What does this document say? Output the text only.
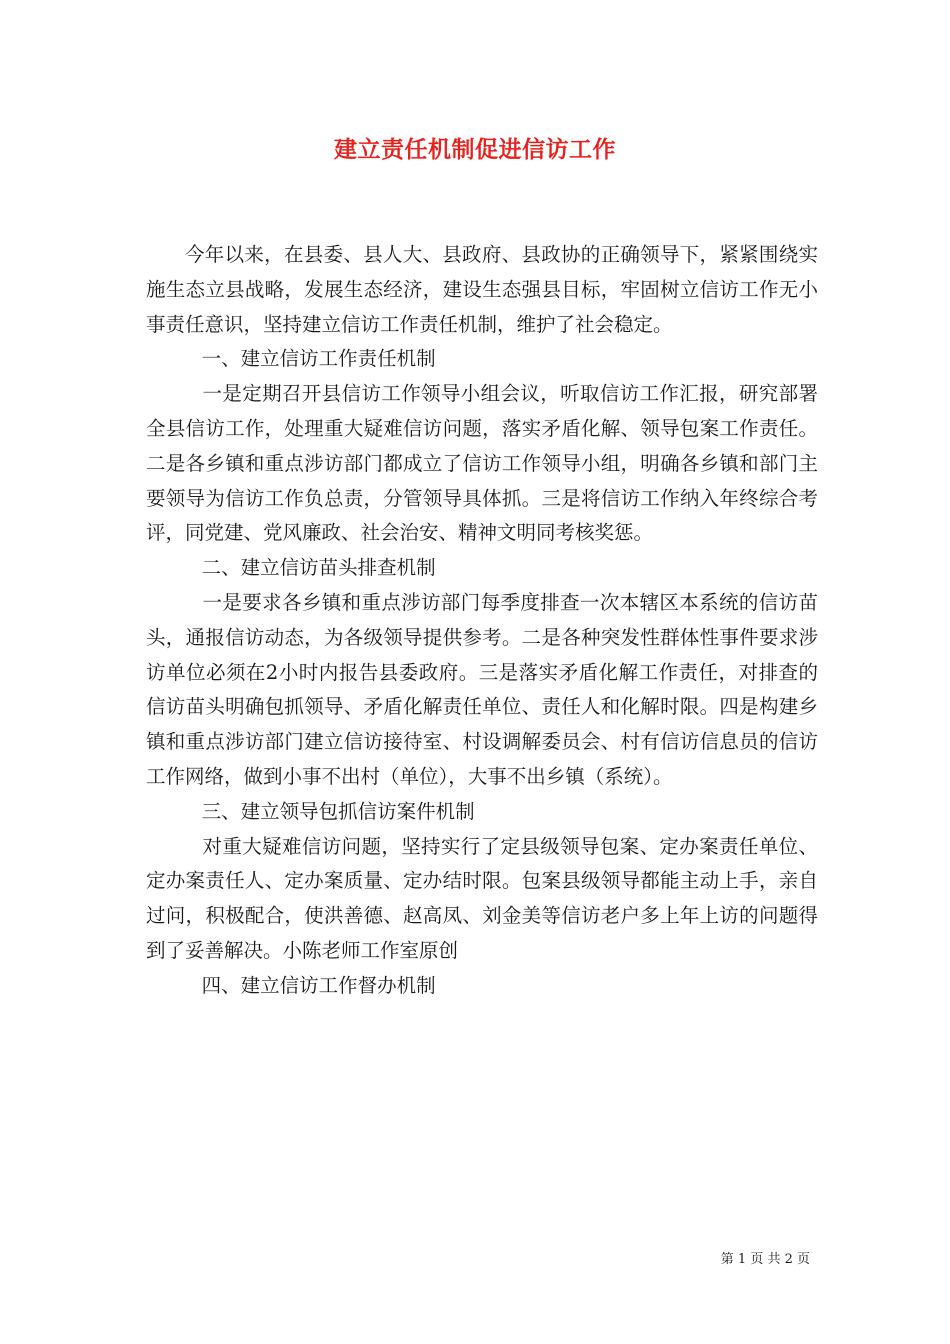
建立责任机制促进信访工作

今年以来，在县委、县人大、县政府、县政协的正确领导下，紧紧围绕实施生态立县战略，发展生态经济，建设生态强县目标，牢固树立信访工作无小事责任意识，坚持建立信访工作责任机制，维护了社会稳定。

一、建立信访工作责任机制

一是定期召开县信访工作领导小组会议，听取信访工作汇报，研究部署全县信访工作，处理重大疑难信访问题，落实矛盾化解、领导包案工作责任。二是各乡镇和重点涉访部门都成立了信访工作领导小组，明确各乡镇和部门主要领导为信访工作负总责，分管领导具体抓。三是将信访工作纳入年终综合考评，同党建、党风廉政、社会治安、精神文明同考核奖惩。

二、建立信访苗头排查机制

一是要求各乡镇和重点涉访部门每季度排查一次本辖区本系统的信访苗头，通报信访动态，为各级领导提供参考。二是各种突发性群体性事件要求涉访单位必须在2小时内报告县委政府。三是落实矛盾化解工作责任，对排查的信访苗头明确包抓领导、矛盾化解责任单位、责任人和化解时限。四是构建乡镇和重点涉访部门建立信访接待室、村设调解委员会、村有信访信息员的信访工作网络，做到小事不出村（单位），大事不出乡镇（系统）。

三、建立领导包抓信访案件机制

对重大疑难信访问题，坚持实行了定县级领导包案、定办案责任单位、定办案责任人、定办案质量、定办结时限。包案县级领导都能主动上手，亲自过问，积极配合，使洪善德、赵高凤、刘金美等信访老户多上年上访的问题得到了妥善解决。小陈老师工作室原创

四、建立信访工作督办机制

第 1 页 共 2 页
